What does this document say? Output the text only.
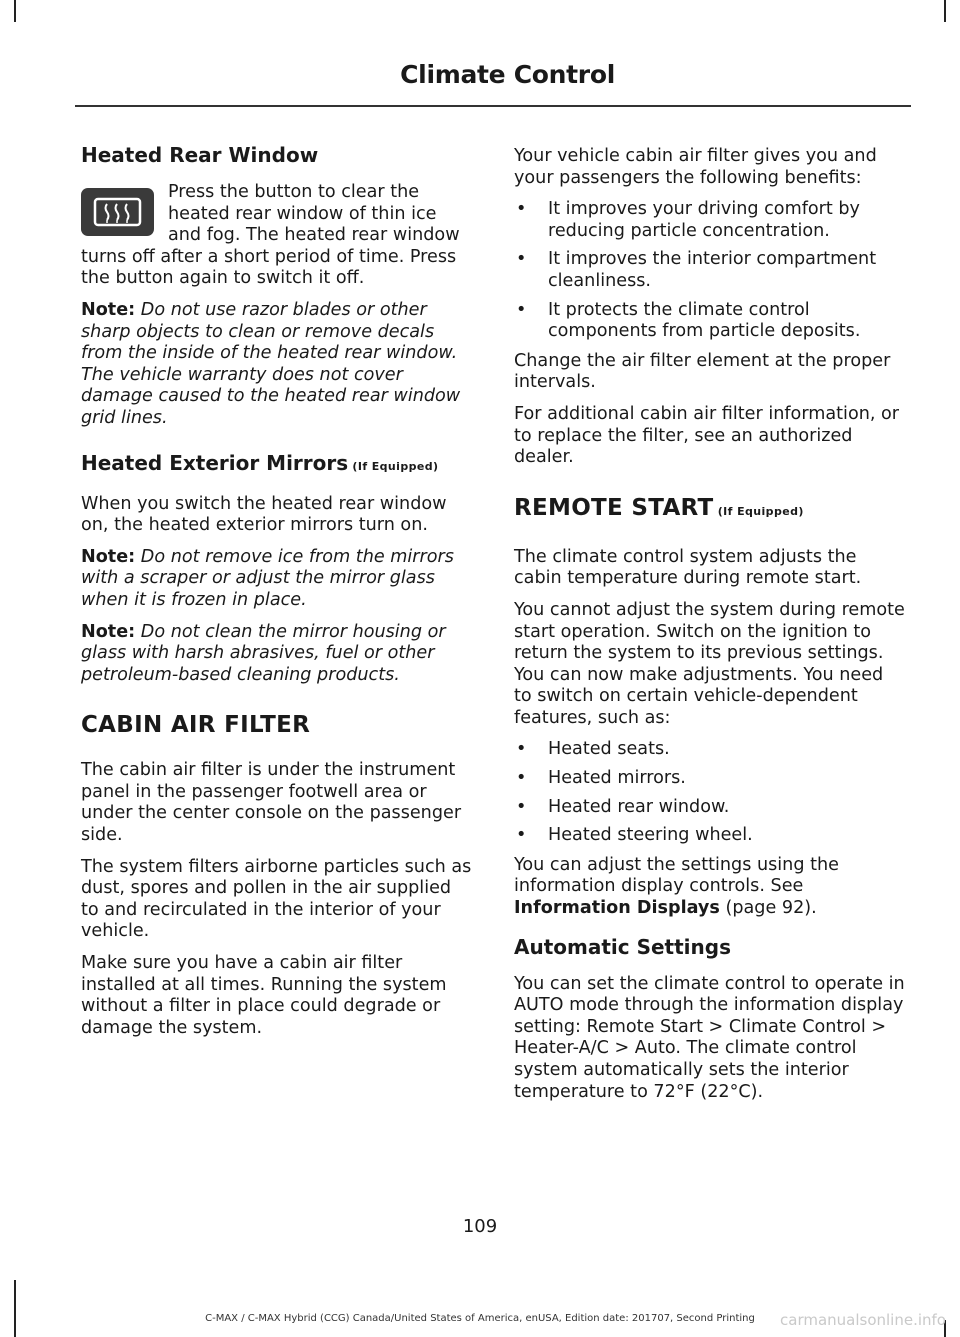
Climate Control
Heated Rear Window

Press the button to clear the heated rear window of thin ice and fog. The heated rear window turns off after a short period of time. Press the button again to switch it off.

Note: Do not use razor blades or other sharp objects to clean or remove decals from the inside of the heated rear window. The vehicle warranty does not cover damage caused to the heated rear window grid lines.

Heated Exterior Mirrors (If Equipped)

When you switch the heated rear window on, the heated exterior mirrors turn on.

Note: Do not remove ice from the mirrors with a scraper or adjust the mirror glass when it is frozen in place.

Note: Do not clean the mirror housing or glass with harsh abrasives, fuel or other petroleum-based cleaning products.

CABIN AIR FILTER

The cabin air filter is under the instrument panel in the passenger footwell area or under the center console on the passenger side.

The system filters airborne particles such as dust, spores and pollen in the air supplied to and recirculated in the interior of your vehicle.

Make sure you have a cabin air filter installed at all times. Running the system without a filter in place could degrade or damage the system.

Your vehicle cabin air filter gives you and your passengers the following benefits:

• It improves your driving comfort by reducing particle concentration.
• It improves the interior compartment cleanliness.
• It protects the climate control components from particle deposits.

Change the air filter element at the proper intervals.

For additional cabin air filter information, or to replace the filter, see an authorized dealer.

REMOTE START (If Equipped)

The climate control system adjusts the cabin temperature during remote start.

You cannot adjust the system during remote start operation. Switch on the ignition to return the system to its previous settings. You can now make adjustments. You need to switch on certain vehicle-dependent features, such as:

• Heated seats.
• Heated mirrors.
• Heated rear window.
• Heated steering wheel.

You can adjust the settings using the information display controls. See Information Displays (page 92).

Automatic Settings

You can set the climate control to operate in AUTO mode through the information display setting: Remote Start > Climate Control > Heater-A/C > Auto. The climate control system automatically sets the interior temperature to 72°F (22°C).

109
C-MAX / C-MAX Hybrid (CCG) Canada/United States of America, enUSA, Edition date: 201707, Second Printing	carmanualsonline.info
